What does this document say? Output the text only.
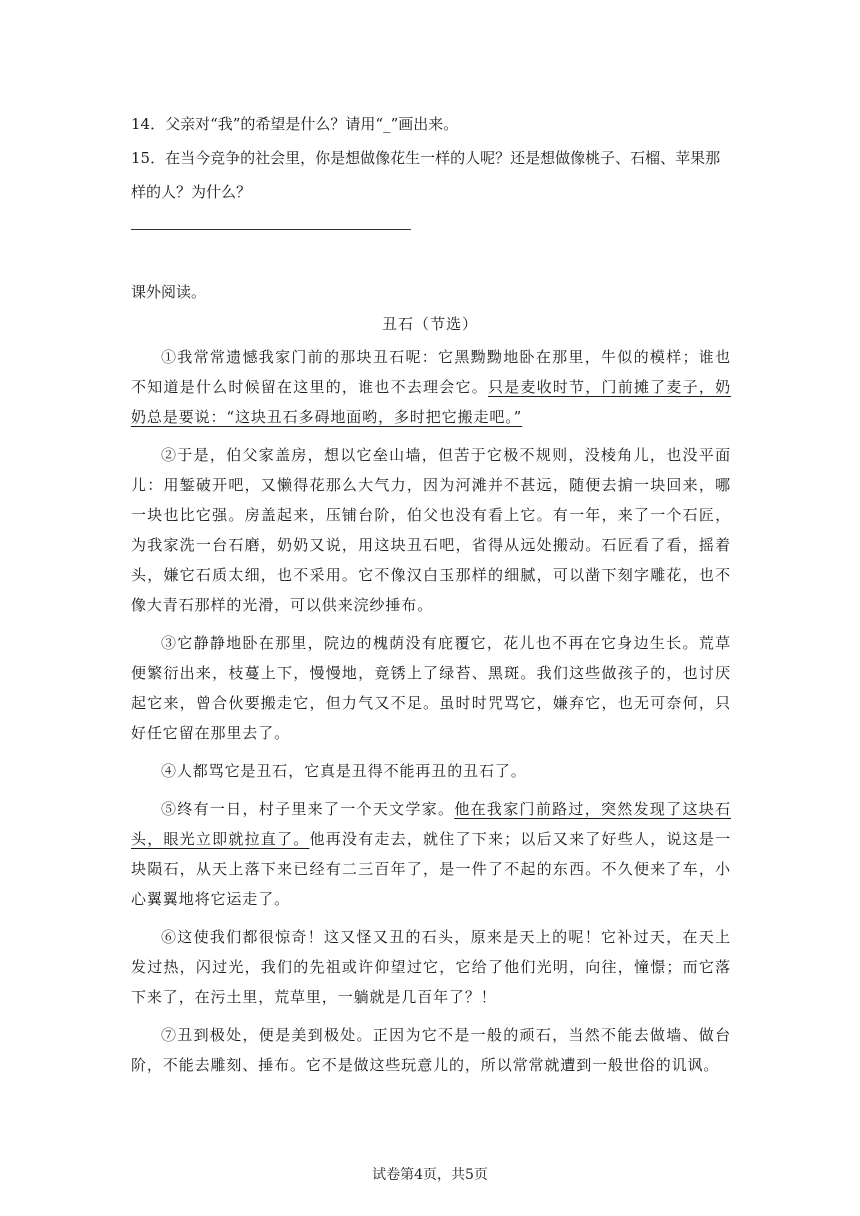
14．父亲对“我”的希望是什么？请用“_”画出来。
15．在当今竞争的社会里，你是想做像花生一样的人呢？还是想做像桃子、石榴、苹果那样的人？为什么？
课外阅读。
丑石（节选）

①我常常遗憾我家门前的那块丑石呢：它黑黝黝地卧在那里，牛似的模样；谁也不知道是什么时候留在这里的，谁也不去理会它。只是麦收时节，门前摊了麦子，奶奶总是要说：“这块丑石多碍地面哟，多时把它搬走吧。”

②于是，伯父家盖房，想以它垒山墙，但苦于它极不规则，没棱角儿，也没平面儿：用錾破开吧，又懒得花那么大气力，因为河滩并不甚远，随便去掮一块回来，哪一块也比它强。房盖起来，压铺台阶，伯父也没有看上它。有一年，来了一个石匠，为我家洗一台石磨，奶奶又说，用这块丑石吧，省得从远处搬动。石匠看了看，摇着头，嫌它石质太细，也不采用。它不像汉白玉那样的细腻，可以凿下刻字雕花，也不像大青石那样的光滑，可以供来浣纱捶布。

③它静静地卧在那里，院边的槐荫没有庇覆它，花儿也不再在它身边生长。荒草便繁衍出来，枝蔓上下，慢慢地，竟锈上了绿苔、黑斑。我们这些做孩子的，也讨厌起它来，曾合伙要搬走它，但力气又不足。虽时时咒骂它，嫌弃它，也无可奈何，只好任它留在那里去了。

④人都骂它是丑石，它真是丑得不能再丑的丑石了。

⑤终有一日，村子里来了一个天文学家。他在我家门前路过，突然发现了这块石头，眼光立即就拉直了。他再没有走去，就住了下来；以后又来了好些人，说这是一块陨石，从天上落下来已经有二三百年了，是一件了不起的东西。不久便来了车，小心翼翼地将它运走了。

⑥这使我们都很惊奇！这又怪又丑的石头，原来是天上的呢！它补过天，在天上发过热，闪过光，我们的先祖或许仰望过它，它给了他们光明，向往，憧憬；而它落下来了，在污土里，荒草里，一躺就是几百年了？！

⑦丑到极处，便是美到极处。正因为它不是一般的顽石，当然不能去做墙、做台阶，不能去雕刻、捶布。它不是做这些玩意儿的，所以常常就遭到一般世俗的讥讽。

试卷第4页，共5页
